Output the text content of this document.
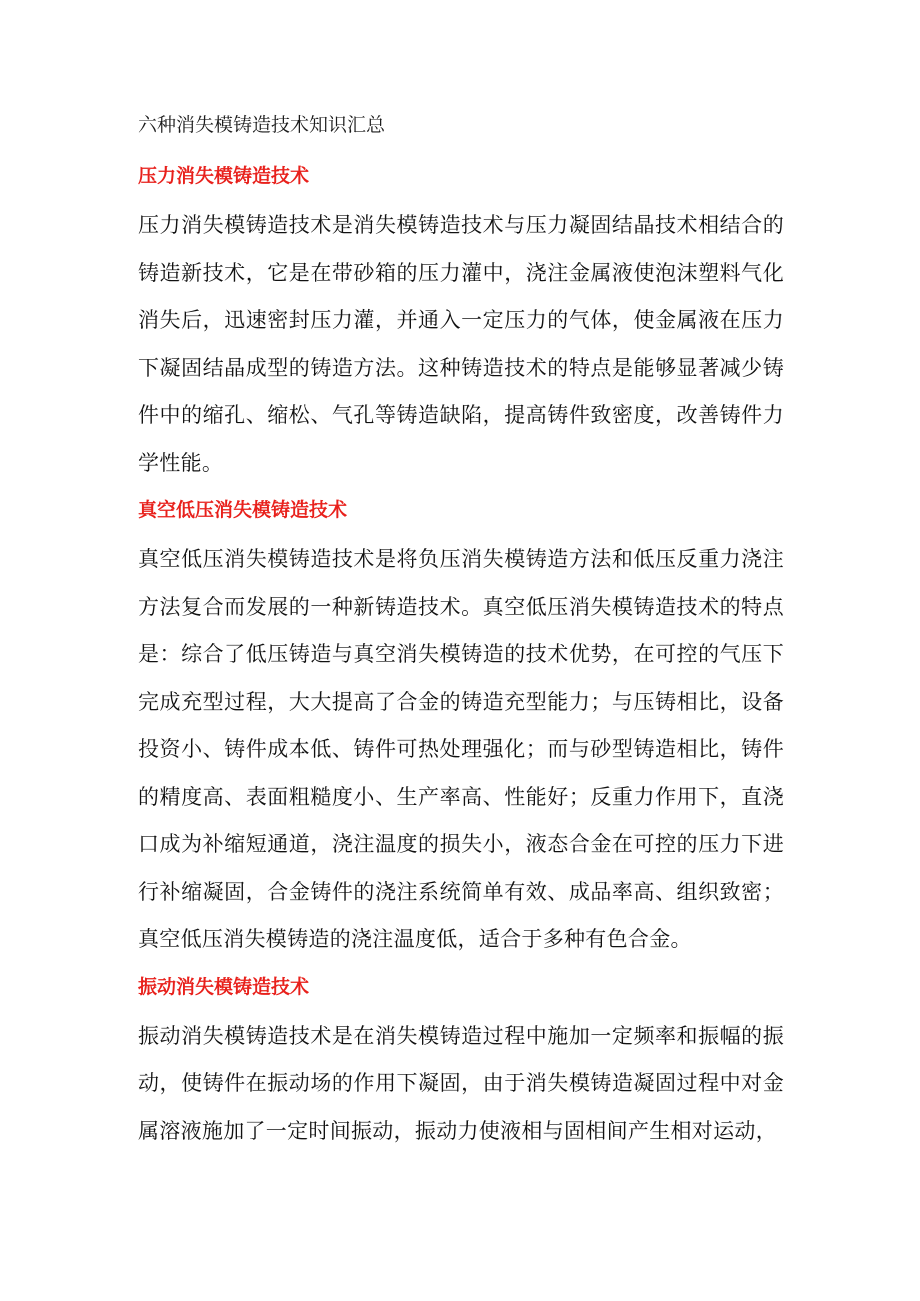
六种消失模铸造技术知识汇总
压力消失模铸造技术
压力消失模铸造技术是消失模铸造技术与压力凝固结晶技术相结合的铸造新技术，它是在带砂箱的压力灌中，浇注金属液使泡沫塑料气化消失后，迅速密封压力灌，并通入一定压力的气体，使金属液在压力下凝固结晶成型的铸造方法。这种铸造技术的特点是能够显著减少铸件中的缩孔、缩松、气孔等铸造缺陷，提高铸件致密度，改善铸件力学性能。
真空低压消失模铸造技术
真空低压消失模铸造技术是将负压消失模铸造方法和低压反重力浇注方法复合而发展的一种新铸造技术。真空低压消失模铸造技术的特点是：综合了低压铸造与真空消失模铸造的技术优势，在可控的气压下完成充型过程，大大提高了合金的铸造充型能力；与压铸相比，设备投资小、铸件成本低、铸件可热处理强化；而与砂型铸造相比，铸件的精度高、表面粗糙度小、生产率高、性能好；反重力作用下，直浇口成为补缩短通道，浇注温度的损失小，液态合金在可控的压力下进行补缩凝固，合金铸件的浇注系统简单有效、成品率高、组织致密；真空低压消失模铸造的浇注温度低，适合于多种有色合金。
振动消失模铸造技术
振动消失模铸造技术是在消失模铸造过程中施加一定频率和振幅的振动，使铸件在振动场的作用下凝固，由于消失模铸造凝固过程中对金属溶液施加了一定时间振动，振动力使液相与固相间产生相对运动，
